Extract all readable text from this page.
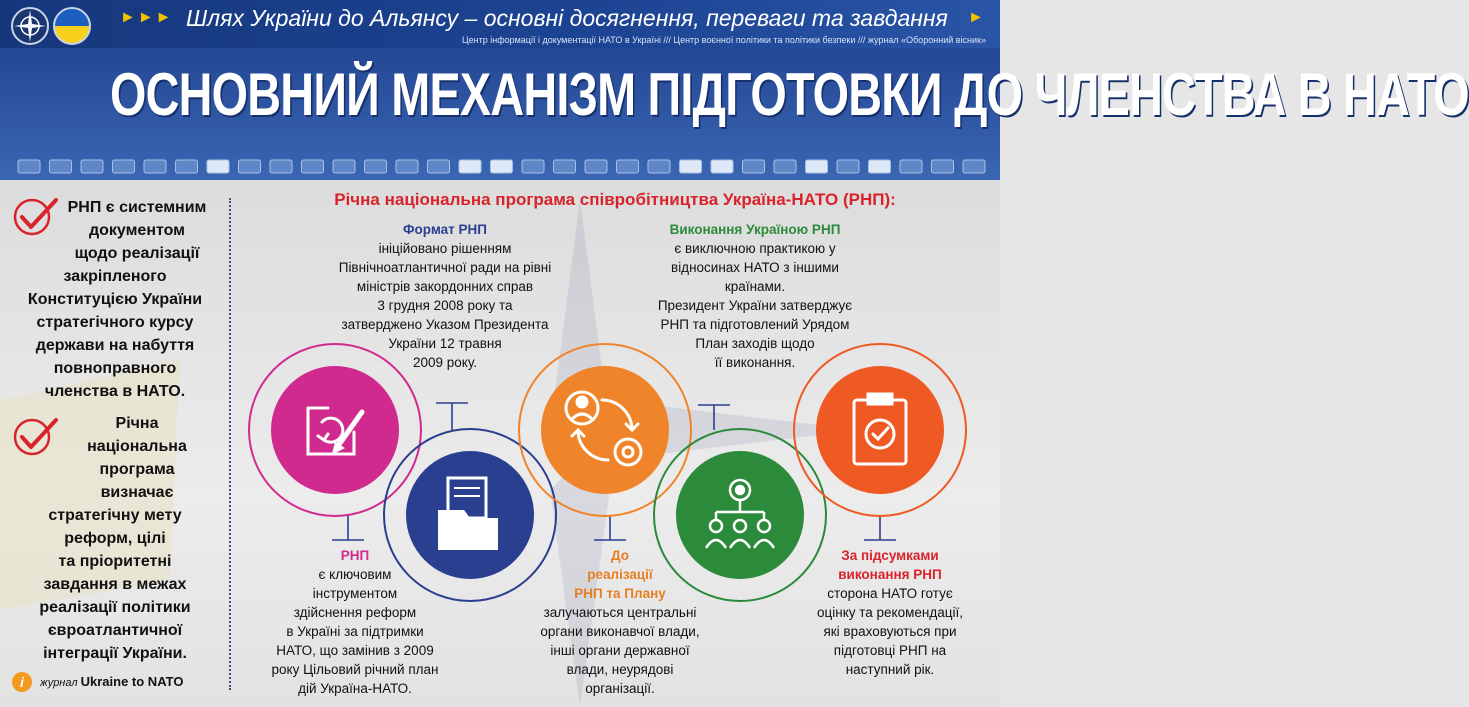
►►► Шлях України до Альянсу – основні досягнення, переваги та завдання ►
Центр інформації і документації НАТО в Україні /// Центр воєнної політики та політики безпеки /// журнал «Оборонний вісник»
ОСНОВНИЙ МЕХАНІЗМ ПІДГОТОВКИ ДО ЧЛЕНСТВА В НАТО
РНП є системним
документом
щодо реалізації
закріпленого
Конституцією України
стратегічного курсу
держави на набуття
повноправного
членства в НАТО.
Річна
національна
програма
визначає
стратегічну мету
реформ, цілі
та пріоритетні
завдання в межах
реалізації політики
євроатлантичної
інтеграції України.
i	журнал Ukraine to NATO
Річна національна програма співробітництва Україна-НАТО (РНП):
Формат РНП
ініційовано рішенням
Північноатлантичної ради на рівні
міністрів закордонних справ
3 грудня 2008 року та
затверджено Указом Президента
України 12 травня
2009 року.
Виконання Україною РНП
є виключною практикою у
відносинах НАТО з іншими
країнами.
Президент України затверджує
РНП та підготовлений Урядом
План заходів щодо
її виконання.
РНП
є ключовим
інструментом
здійснення реформ
в Україні за підтримки
НАТО, що замінив з 2009
року Цільовий річний план
дій Україна-НАТО.
До
реалізації
РНП та Плану
залучаються центральні
органи виконавчої влади,
інші органи державної
влади, неурядові
організації.
За підсумками
виконання РНП
сторона НАТО готує
оцінку та рекомендації,
які враховуються при
підготовці РНП на
наступний рік.
